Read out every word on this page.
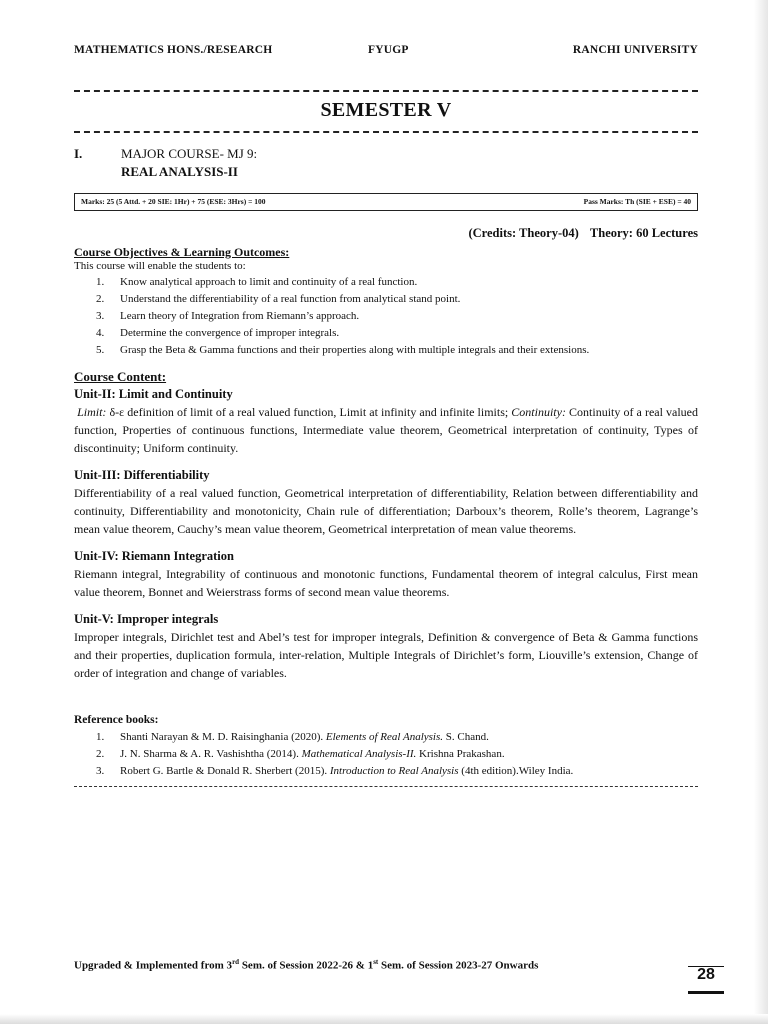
MATHEMATICS HONS./RESEARCH	FYUGP	RANCHI UNIVERSITY
SEMESTER V
I.	MAJOR COURSE- MJ 9:
REAL ANALYSIS-II
Marks: 25 (5 Attd. + 20 SIE: 1Hr) + 75 (ESE: 3Hrs) = 100	Pass Marks: Th (SIE + ESE) = 40
(Credits: Theory-04) Theory: 60 Lectures
Course Objectives & Learning Outcomes:
This course will enable the students to:
1. Know analytical approach to limit and continuity of a real function.
2. Understand the differentiability of a real function from analytical stand point.
3. Learn theory of Integration from Riemann’s approach.
4. Determine the convergence of improper integrals.
5. Grasp the Beta & Gamma functions and their properties along with multiple integrals and their extensions.
Course Content:
Unit-II: Limit and Continuity
Limit: δ-ε definition of limit of a real valued function, Limit at infinity and infinite limits; Continuity: Continuity of a real valued function, Properties of continuous functions, Intermediate value theorem, Geometrical interpretation of continuity, Types of discontinuity; Uniform continuity.
Unit-III: Differentiability
Differentiability of a real valued function, Geometrical interpretation of differentiability, Relation between differentiability and continuity, Differentiability and monotonicity, Chain rule of differentiation; Darboux’s theorem, Rolle’s theorem, Lagrange’s mean value theorem, Cauchy’s mean value theorem, Geometrical interpretation of mean value theorems.
Unit-IV: Riemann Integration
Riemann integral, Integrability of continuous and monotonic functions, Fundamental theorem of integral calculus, First mean value theorem, Bonnet and Weierstrass forms of second mean value theorems.
Unit-V: Improper integrals
Improper integrals, Dirichlet test and Abel’s test for improper integrals, Definition & convergence of Beta & Gamma functions and their properties, duplication formula, inter-relation, Multiple Integrals of Dirichlet’s form, Liouville’s extension, Change of order of integration and change of variables.
Reference books:
1. Shanti Narayan & M. D. Raisinghania (2020). Elements of Real Analysis. S. Chand.
2. J. N. Sharma & A. R. Vashishtha (2014). Mathematical Analysis-II. Krishna Prakashan.
3. Robert G. Bartle & Donald R. Sherbert (2015). Introduction to Real Analysis (4th edition).Wiley India.
Upgraded & Implemented from 3rd Sem. of Session 2022-26 & 1st Sem. of Session 2023-27 Onwards
28
